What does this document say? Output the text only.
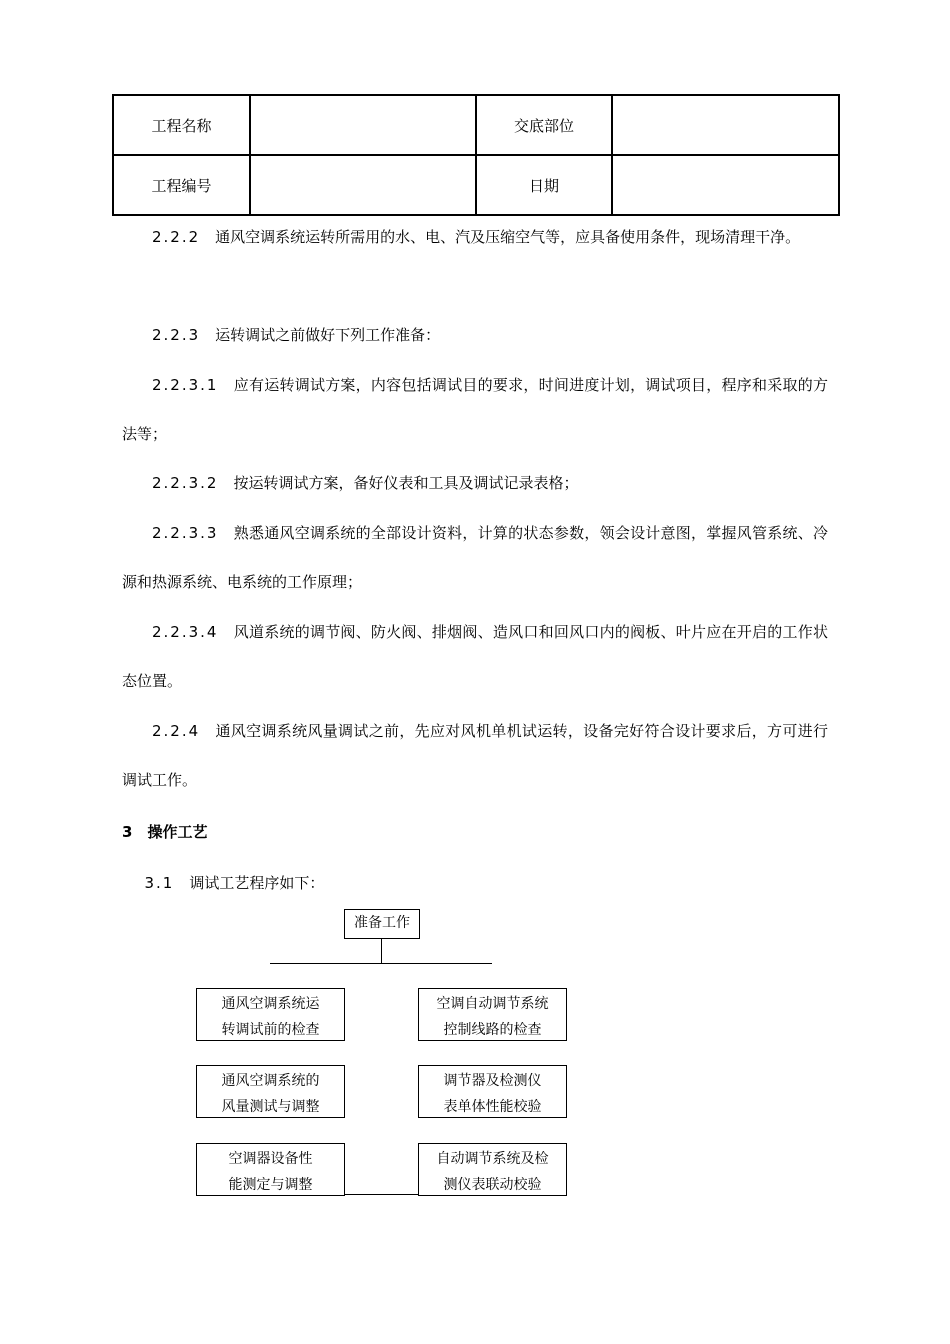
工程名称		交底部位	
工程编号		日期	

  2.2.2  通风空调系统运转所需用的水、电、汽及压缩空气等，应具备使用条件，现场清理干净。

  2.2.3  运转调试之前做好下列工作准备：

  2.2.3.1  应有运转调试方案，内容包括调试目的要求，时间进度计划，调试项目，程序和采取的方法等；

  2.2.3.2  按运转调试方案，备好仪表和工具及调试记录表格；

  2.2.3.3  熟悉通风空调系统的全部设计资料，计算的状态参数，领会设计意图，掌握风管系统、冷源和热源系统、电系统的工作原理；

  2.2.3.4  风道系统的调节阀、防火阀、排烟阀、造风口和回风口内的阀板、叶片应在开启的工作状态位置。

  2.2.4  通风空调系统风量调试之前，先应对风机单机试运转，设备完好符合设计要求后，方可进行调试工作。

3  操作工艺
  3.1  调试工艺程序如下：
准备工作
通风空调系统运
转调试前的检查
空调自动调节系统
控制线路的检查
通风空调系统的
风量测试与调整
调节器及检测仪
表单体性能校验
空调器设备性
能测定与调整
自动调节系统及检
测仪表联动校验
